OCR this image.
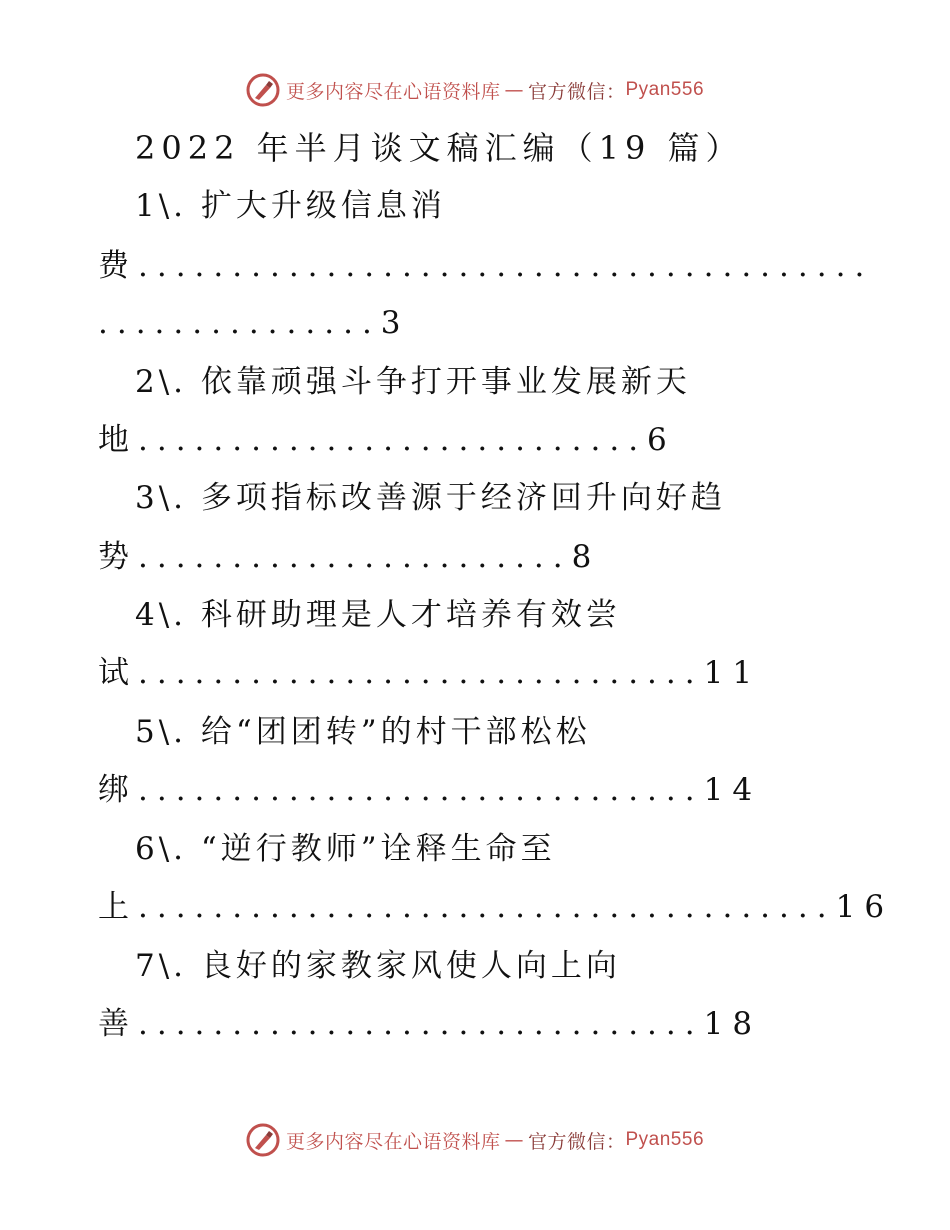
更多内容尽在心语资料库 — 官方微信： Pyan556
2022 年半月谈文稿汇编（19 篇）
1\. 扩大升级信息消
费.......................................
...............3
2\. 依靠顽强斗争打开事业发展新天
地...........................6
3\. 多项指标改善源于经济回升向好趋
势.......................8
4\. 科研助理是人才培养有效尝
试..............................11
5\. 给“团团转”的村干部松松
绑..............................14
6\. “逆行教师”诠释生命至
上.....................................16
7\. 良好的家教家风使人向上向
善..............................18
更多内容尽在心语资料库 — 官方微信： Pyan556
